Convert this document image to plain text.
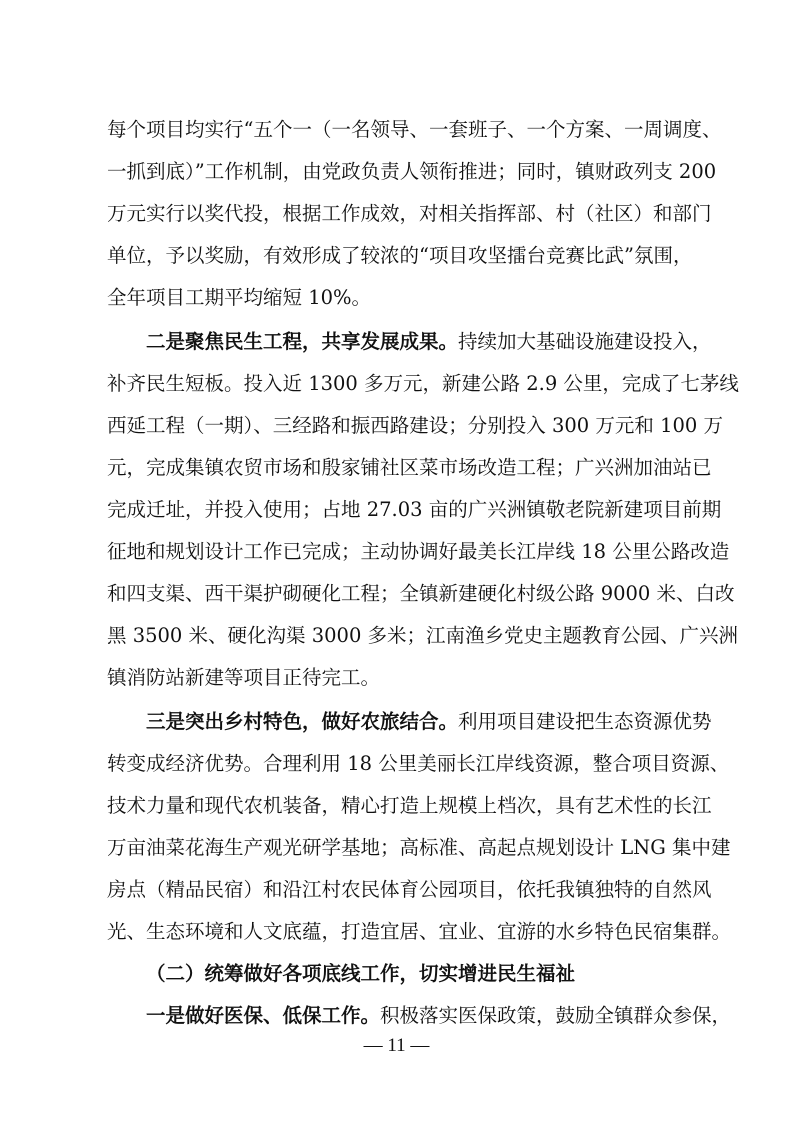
每个项目均实行“五个一（一名领导、一套班子、一个方案、一周调度、
一抓到底）”工作机制，由党政负责人领衔推进；同时，镇财政列支 200
万元实行以奖代投，根据工作成效，对相关指挥部、村（社区）和部门
单位，予以奖励，有效形成了较浓的“项目攻坚擂台竞赛比武”氛围，
全年项目工期平均缩短 10%。
二是聚焦民生工程，共享发展成果。持续加大基础设施建设投入，
补齐民生短板。投入近 1300 多万元，新建公路 2.9 公里，完成了七茅线
西延工程（一期）、三经路和振西路建设；分别投入 300 万元和 100 万
元，完成集镇农贸市场和殷家铺社区菜市场改造工程；广兴洲加油站已
完成迁址，并投入使用；占地 27.03 亩的广兴洲镇敬老院新建项目前期
征地和规划设计工作已完成；主动协调好最美长江岸线 18 公里公路改造
和四支渠、西干渠护砌硬化工程；全镇新建硬化村级公路 9000 米、白改
黑 3500 米、硬化沟渠 3000 多米；江南渔乡党史主题教育公园、广兴洲
镇消防站新建等项目正待完工。
三是突出乡村特色，做好农旅结合。利用项目建设把生态资源优势
转变成经济优势。合理利用 18 公里美丽长江岸线资源，整合项目资源、
技术力量和现代农机装备，精心打造上规模上档次，具有艺术性的长江
万亩油菜花海生产观光研学基地；高标准、高起点规划设计 LNG 集中建
房点（精品民宿）和沿江村农民体育公园项目，依托我镇独特的自然风
光、生态环境和人文底蕴，打造宜居、宜业、宜游的水乡特色民宿集群。
（二）统筹做好各项底线工作，切实增进民生福祉
一是做好医保、低保工作。积极落实医保政策，鼓励全镇群众参保，
— 11 —
